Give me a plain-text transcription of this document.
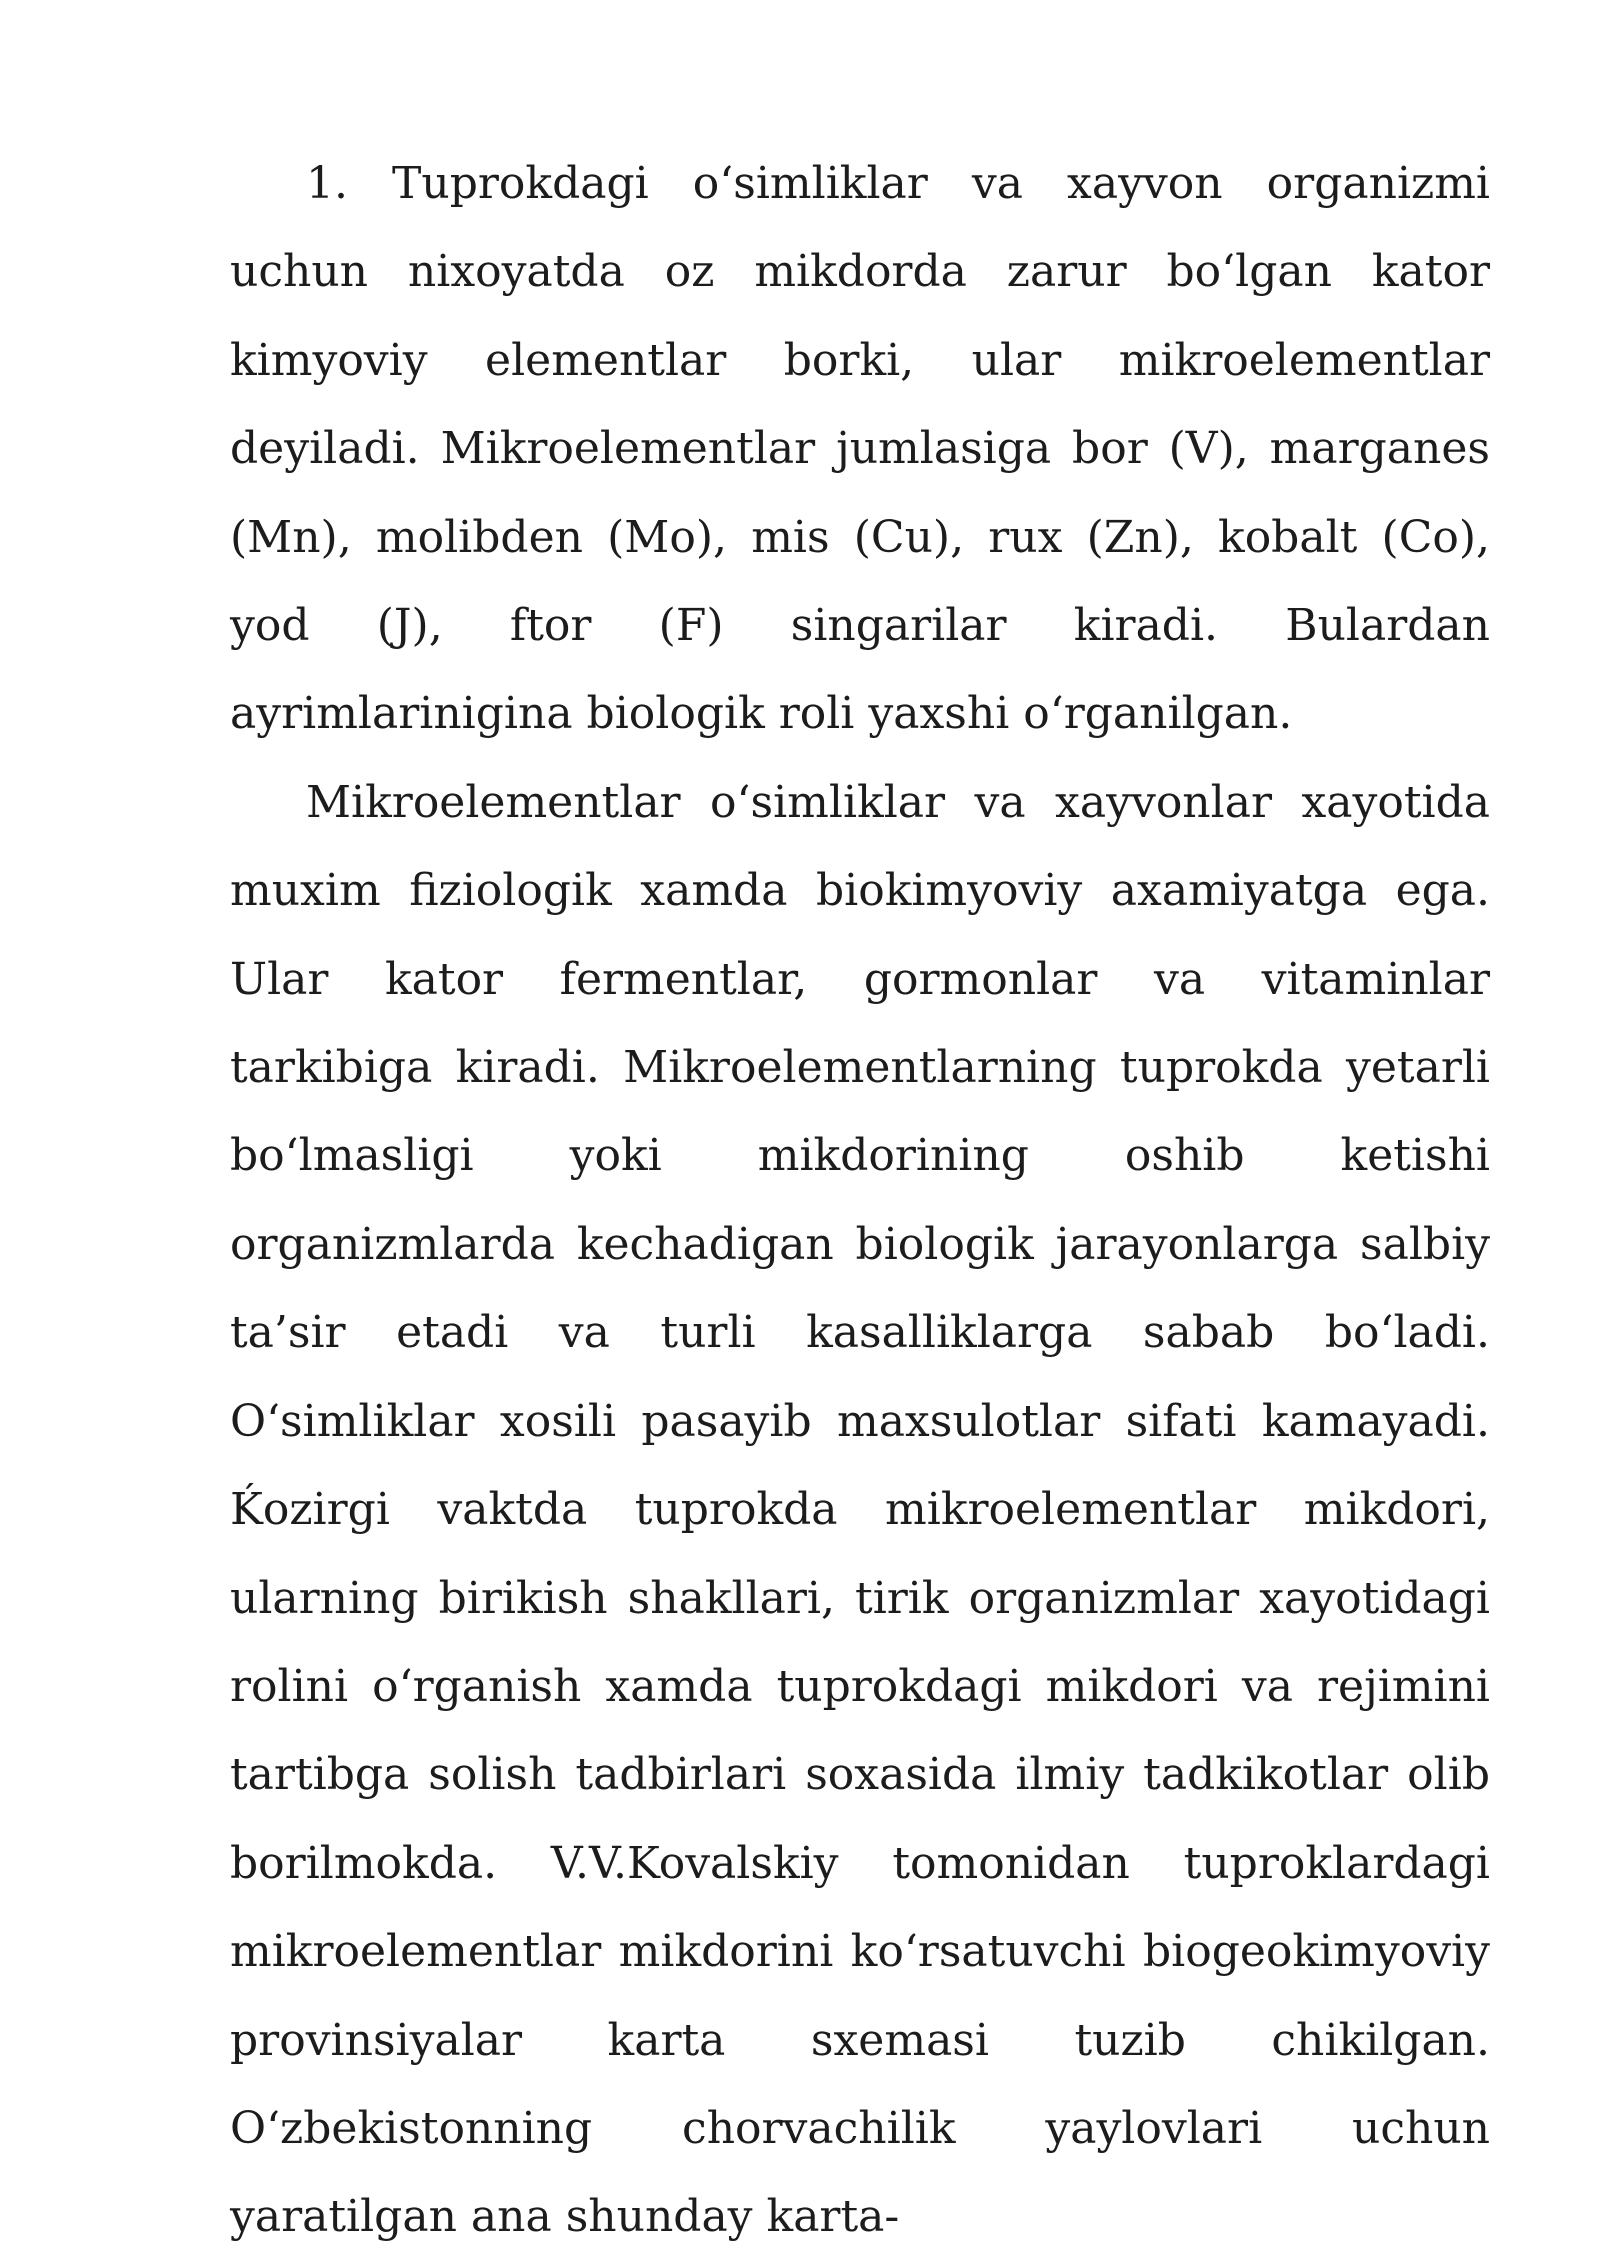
1. Tuprokdagi o‘simliklar va xayvon organizmi uchun nixoyatda oz mikdorda zarur bo‘lgan kator kimyoviy elementlar borki, ular mikroelementlar deyiladi. Mikroelementlar jumlasiga bor (V), marganes (Mn), molibden (Mo), mis (Cu), rux (Zn), kobalt (Co), yod (J), ftor (F) singarilar kiradi. Bulardan ayrimlarinigina biologik roli yaxshi o‘rganilgan.

Mikroelementlar o‘simliklar va xayvonlar xayotida muxim fiziologik xamda biokimyoviy axamiyatga ega. Ular kator fermentlar, gormonlar va vitaminlar tarkibiga kiradi. Mikroelementlarning tuprokda yetarli bo‘lmasligi yoki mikdorining oshib ketishi organizmlarda kechadigan biologik jarayonlarga salbiy ta’sir etadi va turli kasalliklarga sabab bo‘ladi. O‘simliklar xosili pasayib maxsulotlar sifati kamayadi. Ḱozirgi vaktda tuprokda mikroelementlar mikdori, ularning birikish shakllari, tirik organizmlar xayotidagi rolini o‘rganish xamda tuprokdagi mikdori va rejimini tartibga solish tadbirlari soxasida ilmiy tadkikotlar olib borilmokda. V.V.Kovalskiy tomonidan tuproklardagi mikroelementlar mikdorini ko‘rsatuvchi biogeokimyoviy provinsiyalar karta sxemasi tuzib chikilgan. O‘zbekistonning chorvachilik yaylovlari uchun yaratilgan ana shunday karta-
